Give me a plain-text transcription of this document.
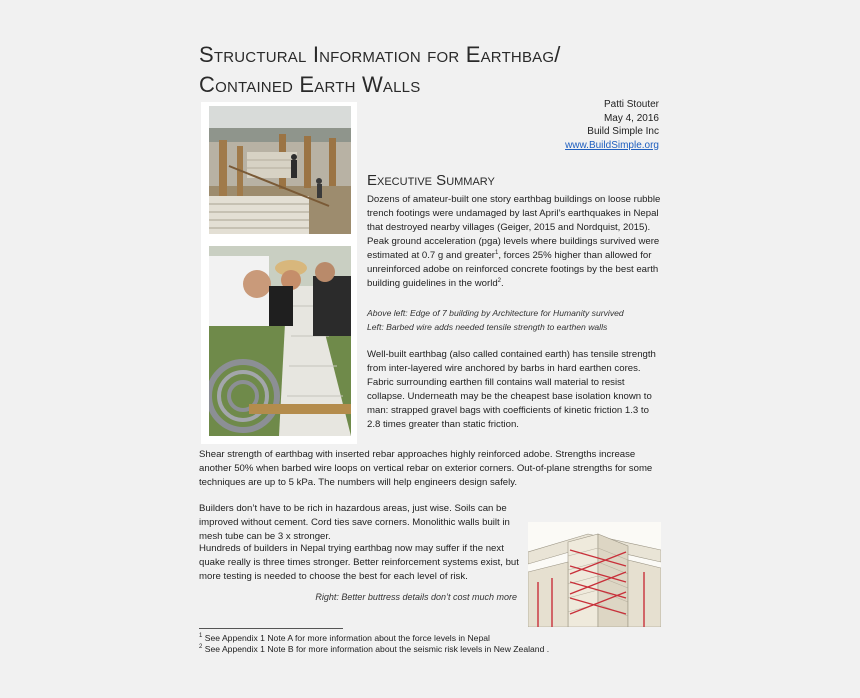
Structural Information for Earthbag/
Contained Earth Walls
Patti Stouter
May 4, 2016
Build Simple Inc
www.BuildSimple.org
Executive Summary
Dozens of amateur-built one story earthbag buildings on loose rubble trench footings were undamaged by last April’s earthquakes in Nepal that destroyed nearby villages (Geiger, 2015 and Nordquist, 2015). Peak ground acceleration (pga) levels where buildings survived were estimated at 0.7 g and greater$^1$, forces 25% higher than allowed for unreinforced adobe on reinforced concrete footings by the best earth building guidelines in the world$^2$.
Above left: Edge of 7 building by Architecture for Humanity survived
Left: Barbed wire adds needed tensile strength to earthen walls
Well-built earthbag (also called contained earth) has tensile strength from inter-layered wire anchored by barbs in hard earthen cores. Fabric surrounding earthen fill contains wall material to resist collapse. Underneath may be the cheapest base isolation known to man: strapped gravel bags with coefficients of kinetic friction 1.3 to 2.8 times greater than static friction.
Shear strength of earthbag with inserted rebar approaches highly reinforced adobe. Strengths increase another 50% when barbed wire loops on vertical rebar on exterior corners. Out-of-plane strengths for some techniques are up to 5 kPa. The numbers will help engineers design safely.
Builders don’t have to be rich in hazardous areas, just wise. Soils can be improved without cement. Cord ties save corners. Monolithic walls built in mesh tube can be 3 x stronger.
Hundreds of builders in Nepal trying earthbag now may suffer if the next quake really is three times stronger. Better reinforcement systems exist, but more testing is needed to choose the best for each level of risk.
Right: Better buttress details don’t cost much more
$^1$ See Appendix 1 Note A for more information about the force levels in Nepal
$^2$ See Appendix 1 Note B for more information about the seismic risk levels in New Zealand .
